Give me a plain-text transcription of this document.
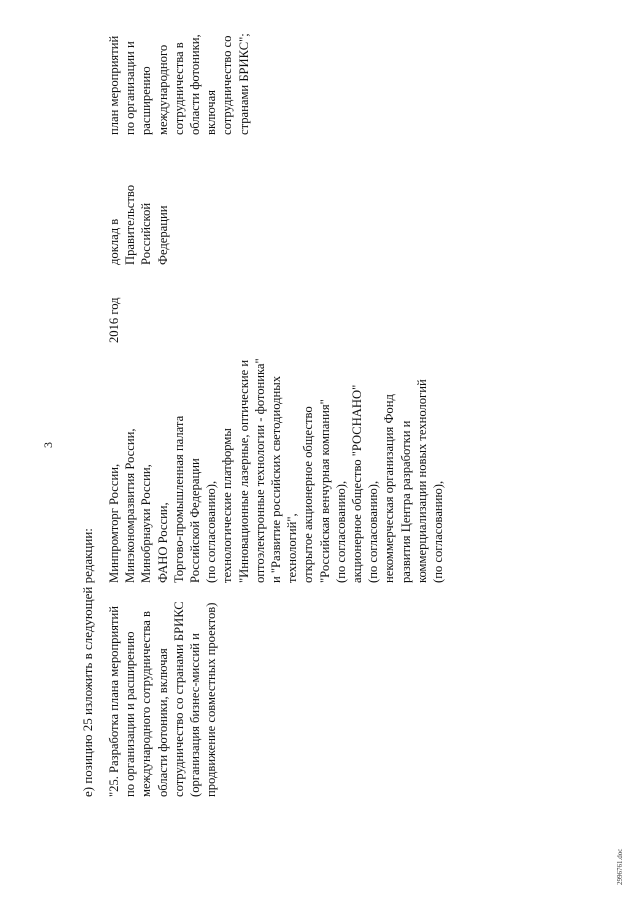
3
е) позицию 25 изложить в следующей редакции: "25. Разработка плана мероприятий по организации и расширению международного сотрудничества в области фотоники, включая сотрудничество со странами БРИКС (организация бизнес-миссий и продвижение совместных проектов)

Минпромторг России, Минэкономразвития России, Минобрнауки России, ФАНО России, Торгово-промышленная палата Российской Федерации (по согласованию), технологические платформы "Инновационные лазерные, оптические и оптоэлектронные технологии - фотоника" и "Развитие российских светодиодных технологий", открытое акционерное общество "Российская венчурная компания" (по согласованию), акционерное общество "РОСНАНО" (по согласованию), некоммерческая организация Фонд развития Центра разработки и коммерциализации новых технологий (по согласованию),

2016 год

доклад в Правительство Российской Федерации

план мероприятий по организации и расширению международного сотрудничества в области фотоники, включая сотрудничество со странами БРИКС";

2996761.doc
